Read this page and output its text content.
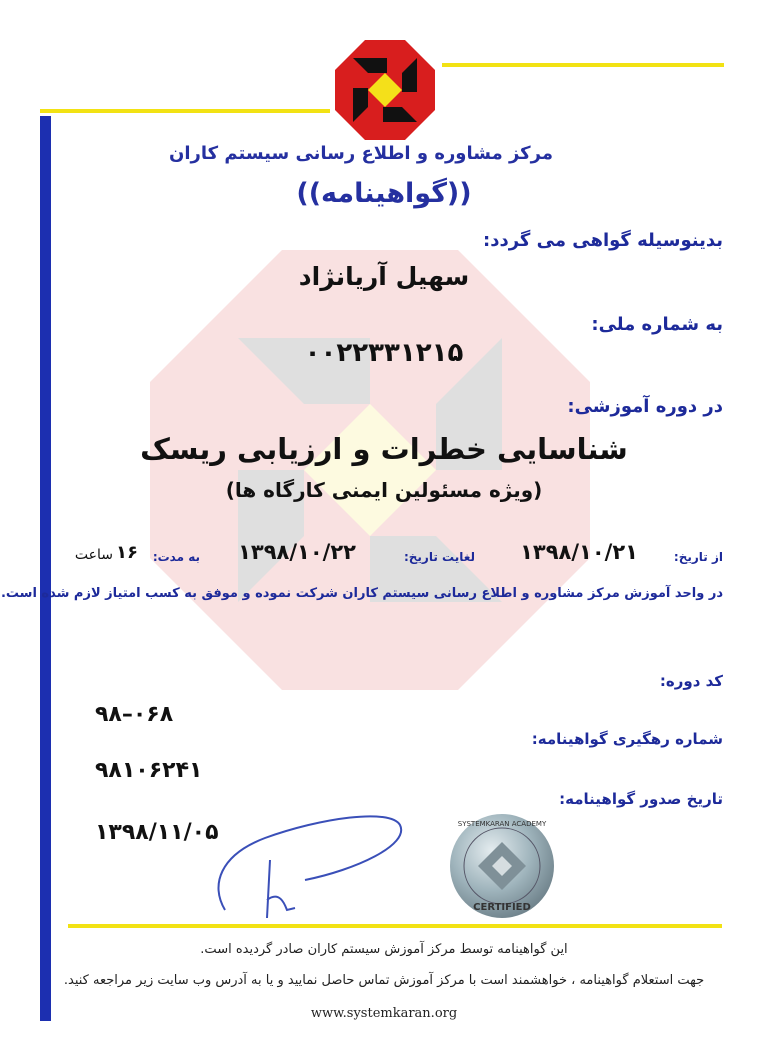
مرکز مشاوره و اطلاع رسانی سیستم کاران
((گواهینامه))
بدینوسیله گواهی می گردد:
سهیل آریانژاد
به شماره ملی:
۰۰۲۲۳۳۱۲۱۵
در دوره آموزشی:
شناسایی خطرات و ارزیابی ریسک
(ویژه مسئولین ایمنی کارگاه ها)
از تاریخ:
۱۳۹۸/۱۰/۲۱
لغایت تاریخ:
۱۳۹۸/۱۰/۲۲
به مدت:
۱۶
ساعت
در واحد آموزش مرکز مشاوره و اطلاع رسانی سیستم کاران شرکت نموده و موفق به کسب امتیاز لازم شده است.
کد دوره:
۹۸–۰۶۸
شماره رهگیری گواهینامه:
۹۸۱۰۶۲۴۱
تاریخ صدور گواهینامه:
۱۳۹۸/۱۱/۰۵	SYSTEMKARAN ACADEMY
CERTIFIED
این گواهینامه توسط مرکز آموزش سیستم کاران صادر گردیده است.
جهت استعلام گواهینامه ، خواهشمند است با مرکز آموزش تماس حاصل نمایید و یا به آدرس وب سایت زیر مراجعه کنید.
www.systemkaran.org
